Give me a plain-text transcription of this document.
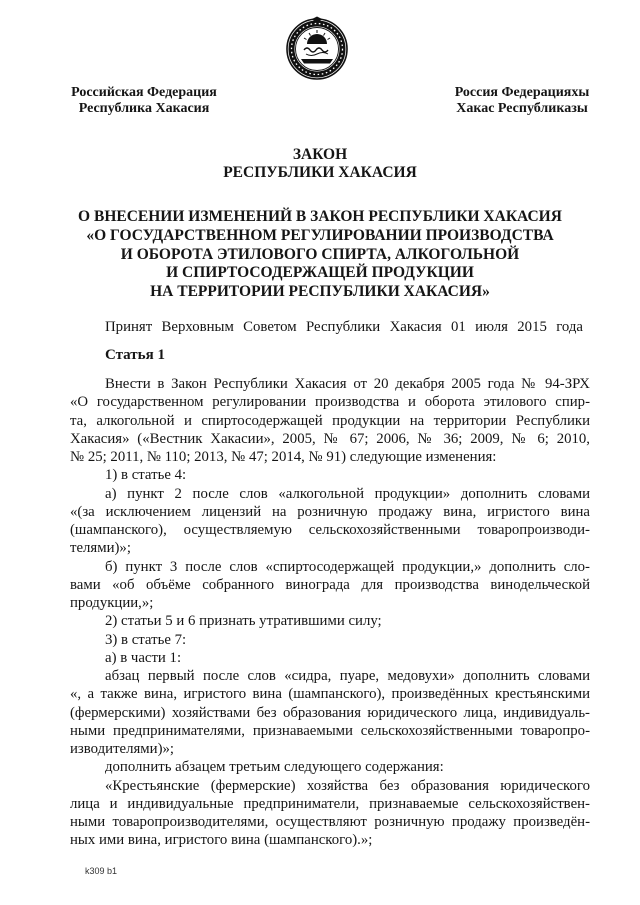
Российская Федерация
Республика Хакасия
Россия Федерацияхы
Хакас Республиказы
ЗАКОН
РЕСПУБЛИКИ ХАКАСИЯ
О ВНЕСЕНИИ ИЗМЕНЕНИЙ В ЗАКОН РЕСПУБЛИКИ ХАКАСИЯ
«О ГОСУДАРСТВЕННОМ РЕГУЛИРОВАНИИ ПРОИЗВОДСТВА
И ОБОРОТА ЭТИЛОВОГО СПИРТА, АЛКОГОЛЬНОЙ
И СПИРТОСОДЕРЖАЩЕЙ ПРОДУКЦИИ
НА ТЕРРИТОРИИ РЕСПУБЛИКИ ХАКАСИЯ»
Принят Верховным Советом Республики Хакасия 01 июля 2015 года
Статья 1
Внести в Закон Республики Хакасия от 20 декабря 2005 года № 94-ЗРХ
«О государственном регулировании производства и оборота этилового спир-
та, алкогольной и спиртосодержащей продукции на территории Республики
Хакасия» («Вестник Хакасии», 2005, № 67; 2006, № 36; 2009, № 6; 2010,
№ 25; 2011, № 110; 2013, № 47; 2014, № 91) следующие изменения:
1) в статье 4:
а) пункт 2 после слов «алкогольной продукции» дополнить словами
«(за исключением лицензий на розничную продажу вина, игристого вина
(шампанского), осуществляемую сельскохозяйственными товаропроизводи-
телями)»;
б) пункт 3 после слов «спиртосодержащей продукции,» дополнить сло-
вами «об объёме собранного винограда для производства винодельческой
продукции,»;
2) статьи 5 и 6 признать утратившими силу;
3) в статье 7:
а) в части 1:
абзац первый после слов «сидра, пуаре, медовухи» дополнить словами
«, а также вина, игристого вина (шампанского), произведённых крестьянскими
(фермерскими) хозяйствами без образования юридического лица, индивидуаль-
ными предпринимателями, признаваемыми сельскохозяйственными товаропро-
изводителями)»;
дополнить абзацем третьим следующего содержания:
«Крестьянские (фермерские) хозяйства без образования юридического
лица и индивидуальные предприниматели, признаваемые сельскохозяйствен-
ными товаропроизводителями, осуществляют розничную продажу произведён-
ных ими вина, игристого вина (шампанского).»;
k309 b1
